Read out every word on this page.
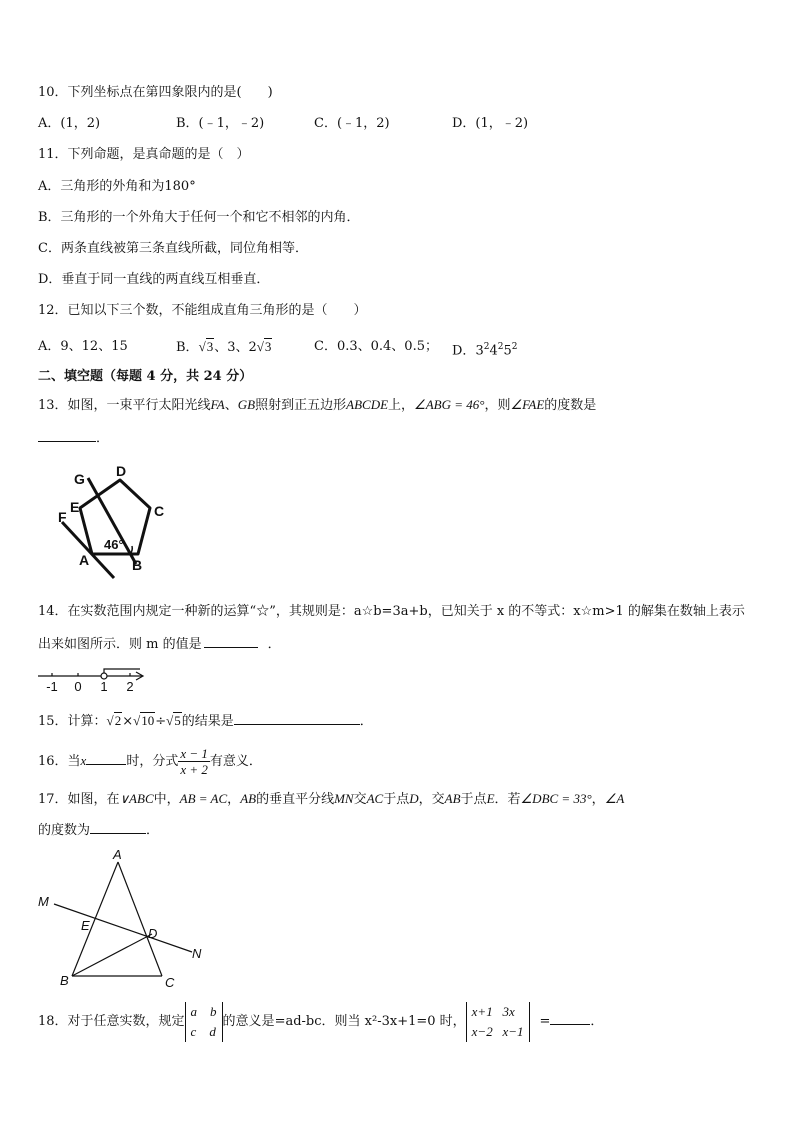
10．下列坐标点在第四象限内的是(　　)
A．(1，2)	B．(﹣1，﹣2)	C．(﹣1，2)	D．(1，﹣2)
11．下列命题，是真命题的是（　）
A．三角形的外角和为180°
B．三角形的一个外角大于任何一个和它不相邻的内角．
C．两条直线被第三条直线所截，同位角相等．
D．垂直于同一直线的两直线互相垂直．
12．已知以下三个数，不能组成直角三角形的是（　　）
A．9、12、15	B．√3、3、2√3	C．0.3、0.4、0.5； D．$3^24^25^2$
二、填空题（每题 4 分，共 24 分）
13．如图，一束平行太阳光线FA、GB照射到正五边形ABCDE上，∠ABG = 46°，则∠FAE的度数是
．
G D
E	C
F
A	B
46°
14．在实数范围内规定一种新的运算“☆”，其规则是：a☆b=3a+b，已知关于 x 的不等式：x☆m>1 的解集在数轴上表示
出来如图所示．则 m 的值是	．
-1 0 1 2
15．计算：√2×√10÷√5的结果是	．
16．当x	时，分式 $\frac{x - 1}{x + 2}$ 有意义．
17．如图，在∨ABC中，AB = AC，AB的垂直平分线MN交AC于点D，交AB于点E．若∠DBC = 33°，∠A
的度数为	．
A
M
E
D
N
B	C
18．对于任意实数，规定
a b
c d
的意义是=ad-bc．则当 x²-3x+1=0 时，
x+1 3x
x−2 x−1
=	．
